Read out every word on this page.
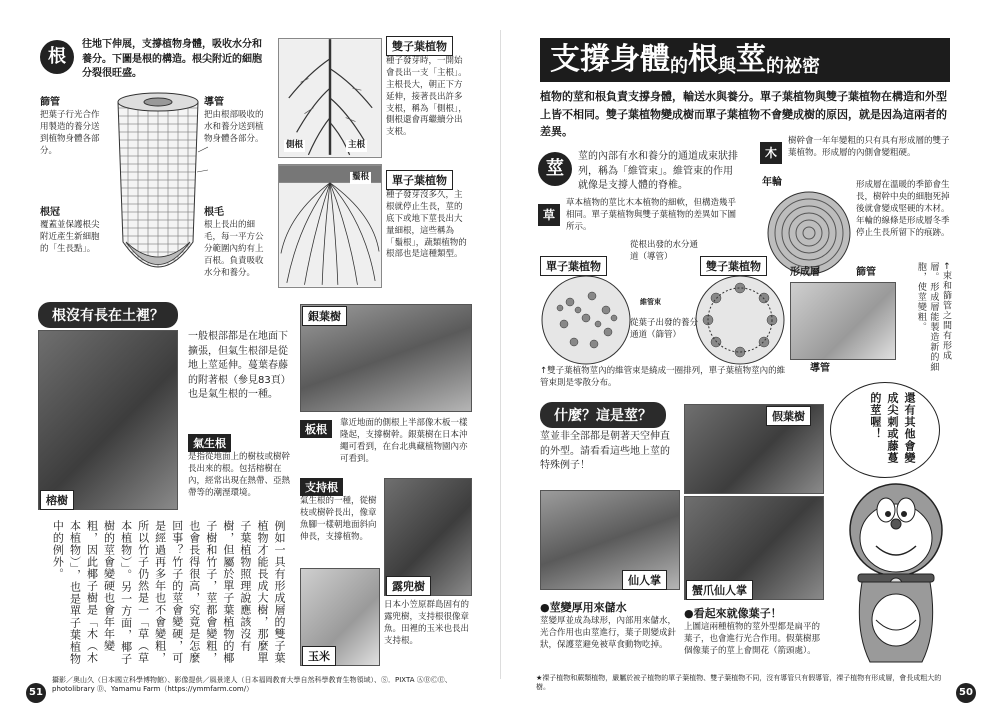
根
往地下伸展，支撐植物身體，吸收水分和養分。下圖是根的構造。根尖附近的細胞分裂很旺盛。
篩管
把葉子行光合作用製造的養分送到植物身體各部分。
導管
把由根部吸收的水和養分送到植物身體各部分。
根冠
覆蓋並保護根尖附近產生新細胞的「生長點」。
根毛
根上長出的細毛，每一平方公分範圍內約有上百根。負責吸收水分和養分。
雙子葉植物
種子發芽時，一開始會長出一支「主根」。主根長大，朝正下方延伸，接著長出許多支根，稱為「側根」，側根還會再繼續分出支根。
側根	主根
鬚根	單子葉植物
種子發芽沒多久，主根就停止生長，莖的底下或地下莖長出大量細根，這些稱為「鬚根」，蔬類植物的根部也是這種類型。
根沒有長在土裡？
榕樹
一般根部都是在地面下擴張，但氣生根卻是從地上莖延伸。蔓葉春藤的附著根（參見83頁）也是氣生根的一種。
氣生根
是指從地面上的樹枝或樹幹長出來的根。包括榕樹在內，經常出現在熱帶、亞熱帶等的潮溼環境。
銀葉樹
板根	靠近地面的側根上半部像木板一樣隆起，支撐樹幹。銀葉樹在日本沖繩可看到，在台北典藏植物園內亦可看到。
支持根
氣生根的一種，從樹枝或樹幹長出，像章魚腳一樣朝地面斜向伸長，支撐植物。
露兜樹
玉米
日本小笠原群島固有的露兜樹，支持根很像章魚。田裡的玉米也長出支持根。
例如一具有形成層的雙子葉植物才能長成大樹，那麼單子葉植物照理說應該沒有樹，但屬於單子葉植物的椰子樹和竹子，莖都會變粗，也會長得很高，究竟是怎麼回事？竹子的莖會變硬，可是經過再多年也不會變粗，所以竹子仍然是一「草（草本植物）」。另一方面，椰子樹的莖會變硬也會年年變粗，因此椰子樹是「木（木本植物）」，也是單子葉植物中的例外。
51
攝影／奥山久（日本國立科學博物館）、影像提供／風景達人（日本福岡教育大學自然科學教育生物領域）、Ⓢ．PIXTA ⒶⒷⒸⒺ、photolibrary Ⓓ、Yamamu Farm（https://ymmfarm.com/）
支撐身體 的 根 與 莖 的祕密
植物的莖和根負責支撐身體，輸送水與養分。單子葉植物與雙子葉植物在構造和外型上皆不相同。雙子葉植物變成樹而單子葉植物不會變成樹的原因，就是因為這兩者的差異。
莖
莖的內部有水和養分的通道成束狀排列，稱為「維管束」。維管束的作用就像是支撐人體的脊椎。
草
草本植物的莖比木本植物的細軟，但構造幾乎相同。單子葉植物與雙子葉植物的差異如下圖所示。
木
樹幹會一年年變粗的只有具有形成層的雙子葉植物。形成層的內側會變粗硬。
年輪	形成層在溫暖的季節會生長，樹幹中央的細胞死掉後就會變成堅硬的木材。年輪的線條是形成層冬季停止生長所留下的痕跡。
單子葉植物	雙子葉植物
從根出發的水分通道（導管）
維管束
從葉子出發的養分通道（篩管）
形成層	篩管
導管
←束和篩管之間有形成層。形成層能製造新的細胞，使莖變粗。
↑雙子葉植物莖內的維管束是繞成一圈排列，單子葉植物莖內的維管束則是零散分布。
還有其他會變成尖刺或藤蔓的莖喔！
什麼？這是莖？
莖並非全部都是朝著天空伸直的外型。請看看這些地上莖的特殊例子！
假葉樹
仙人掌
蟹爪仙人掌
●莖變厚用來儲水
莖變厚並成為球形，內部用來儲水，光合作用也由莖進行，葉子則變成針狀，保護莖避免被草食動物吃掉。
●看起來就像葉子！
上圖這兩種植物的莖外型都是扁平的葉子，也會進行光合作用。假葉樹那個像葉子的莖上會開花（箭頭處）。
★裸子植物和蕨類植物，嚴屬於被子植物的單子葉植物、雙子葉植物不同，沒有導管只有假導管，裸子植物有形成層，會長成粗大的樹。	50
